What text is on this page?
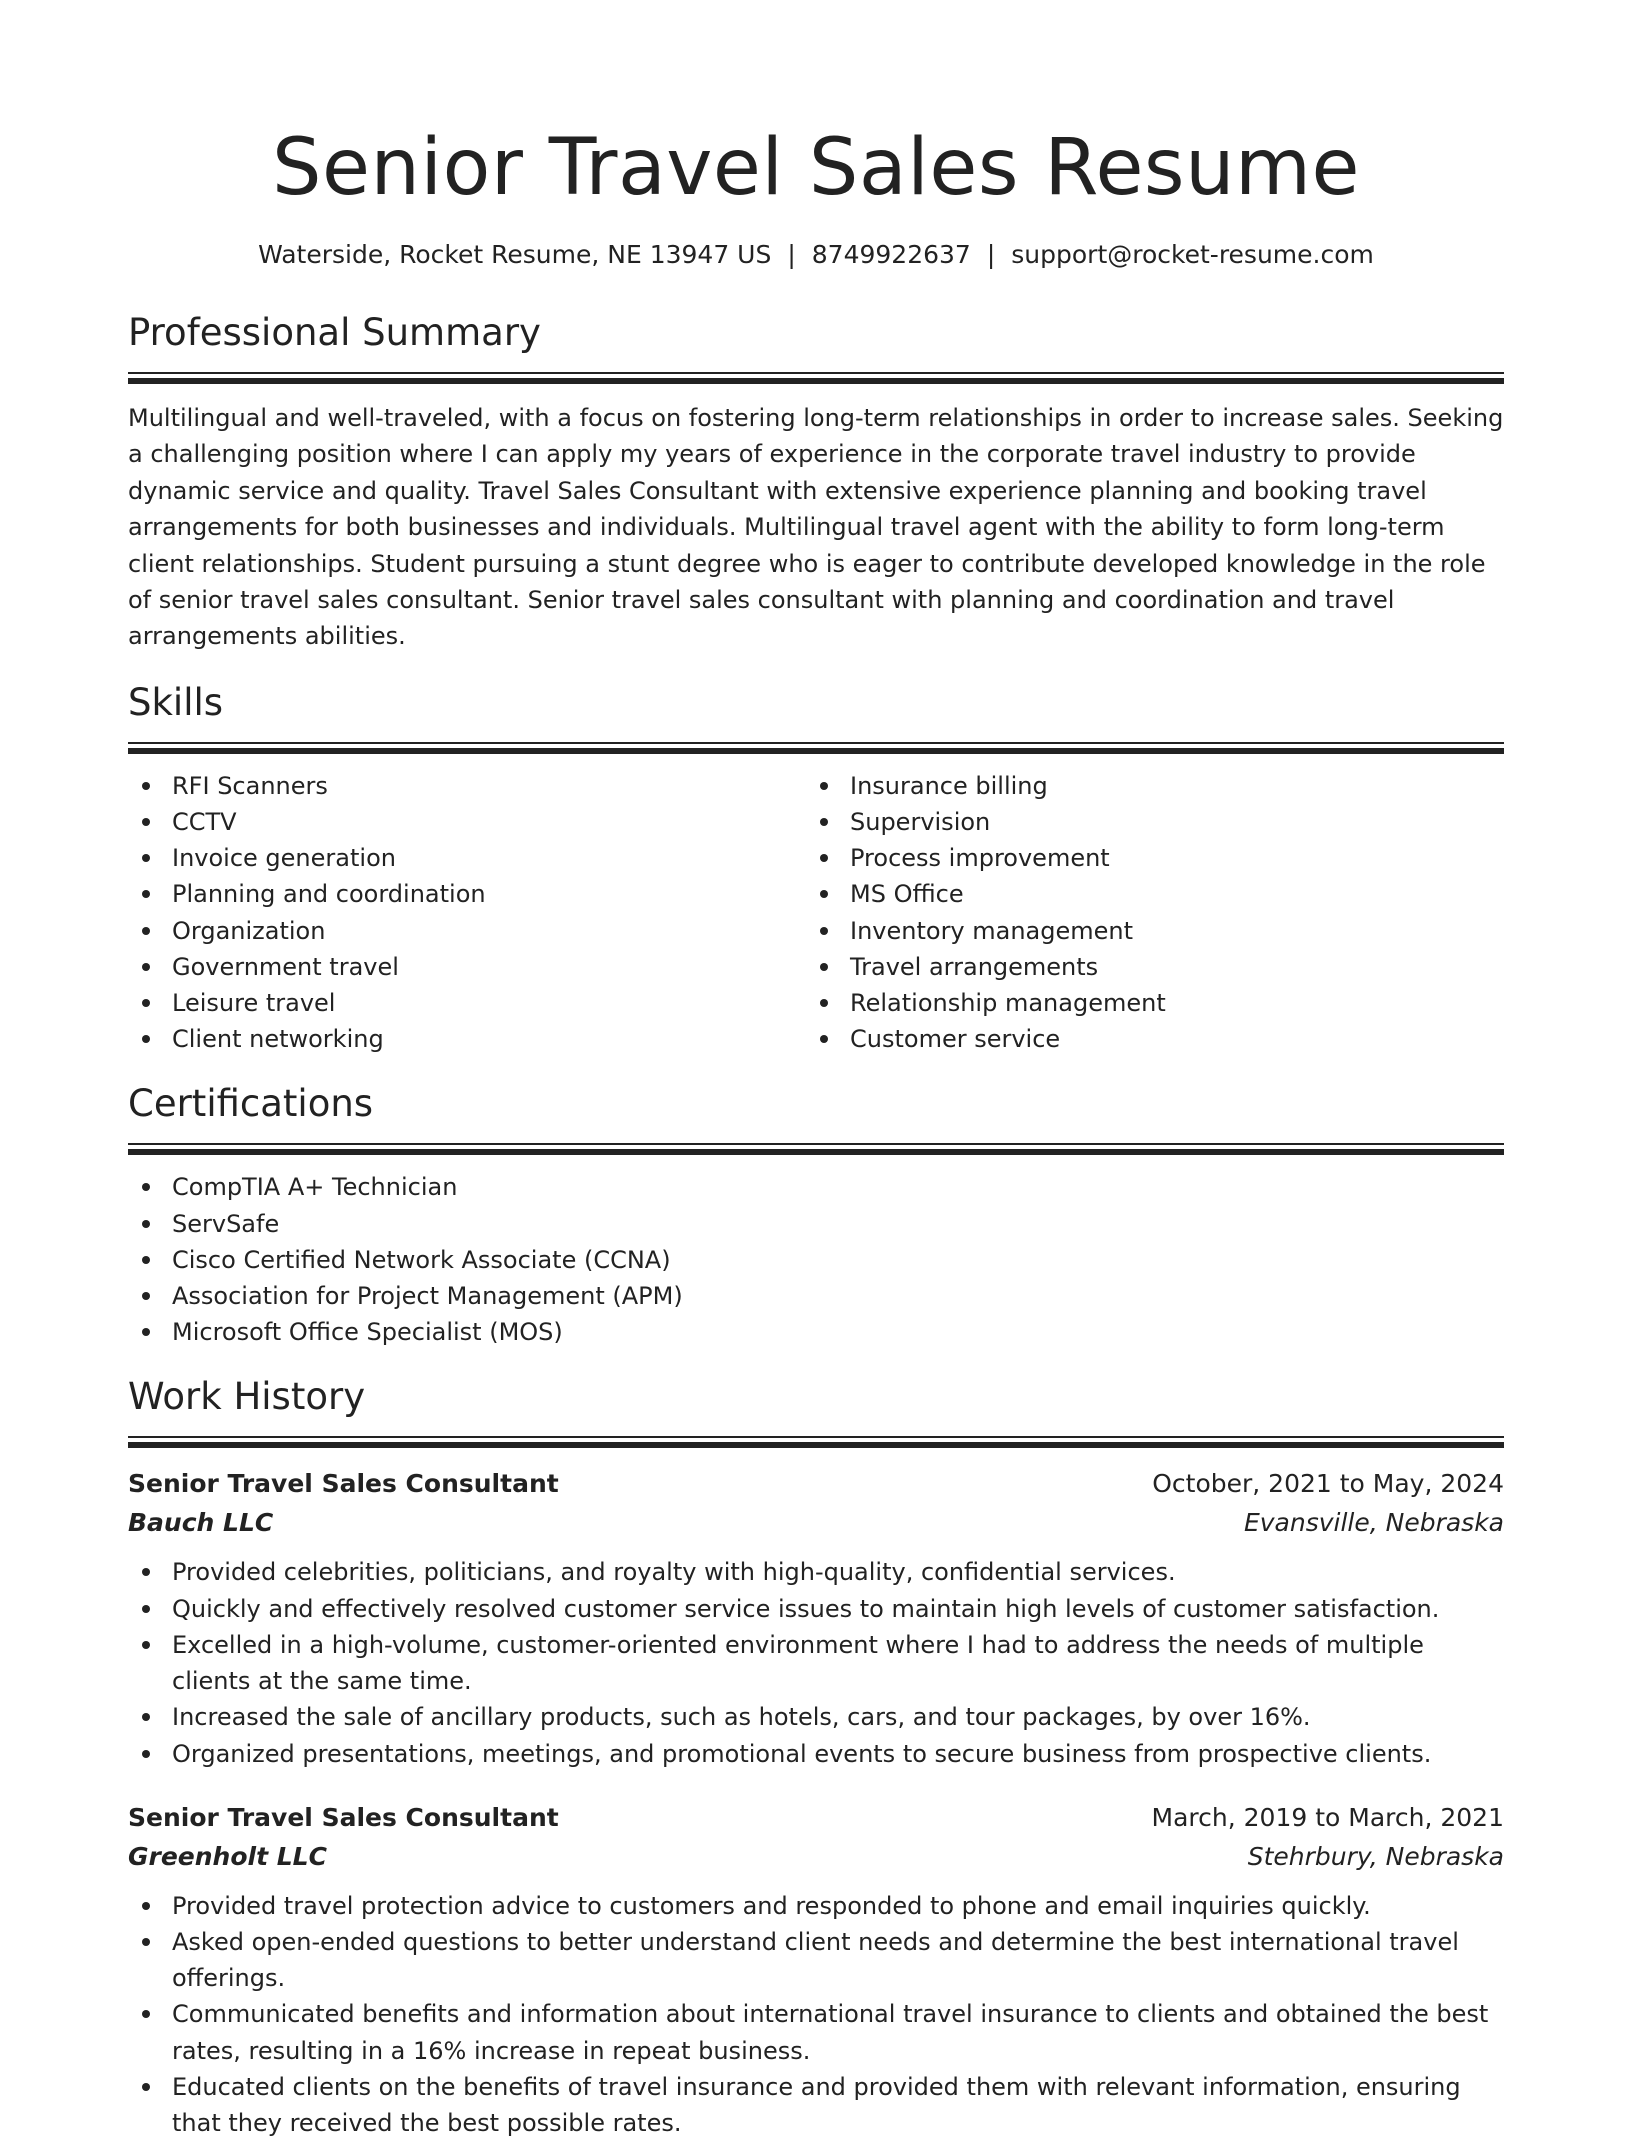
Senior Travel Sales Resume
Waterside, Rocket Resume, NE 13947 US | 8749922637 | support@rocket-resume.com
Professional Summary
Multilingual and well-traveled, with a focus on fostering long-term relationships in order to increase sales. Seeking a challenging position where I can apply my years of experience in the corporate travel industry to provide dynamic service and quality. Travel Sales Consultant with extensive experience planning and booking travel arrangements for both businesses and individuals. Multilingual travel agent with the ability to form long-term client relationships. Student pursuing a stunt degree who is eager to contribute developed knowledge in the role of senior travel sales consultant. Senior travel sales consultant with planning and coordination and travel arrangements abilities.
Skills
RFI Scanners
CCTV
Invoice generation
Planning and coordination
Organization
Government travel
Leisure travel
Client networking
Insurance billing
Supervision
Process improvement
MS Office
Inventory management
Travel arrangements
Relationship management
Customer service
Certifications
CompTIA A+ Technician
ServSafe
Cisco Certified Network Associate (CCNA)
Association for Project Management (APM)
Microsoft Office Specialist (MOS)
Work History
Senior Travel Sales Consultant	October, 2021 to May, 2024
Bauch LLC	Evansville, Nebraska
Provided celebrities, politicians, and royalty with high-quality, confidential services.
Quickly and effectively resolved customer service issues to maintain high levels of customer satisfaction.
Excelled in a high-volume, customer-oriented environment where I had to address the needs of multiple clients at the same time.
Increased the sale of ancillary products, such as hotels, cars, and tour packages, by over 16%.
Organized presentations, meetings, and promotional events to secure business from prospective clients.
Senior Travel Sales Consultant	March, 2019 to March, 2021
Greenholt LLC	Stehrbury, Nebraska
Provided travel protection advice to customers and responded to phone and email inquiries quickly.
Asked open-ended questions to better understand client needs and determine the best international travel offerings.
Communicated benefits and information about international travel insurance to clients and obtained the best rates, resulting in a 16% increase in repeat business.
Educated clients on the benefits of travel insurance and provided them with relevant information, ensuring that they received the best possible rates.
